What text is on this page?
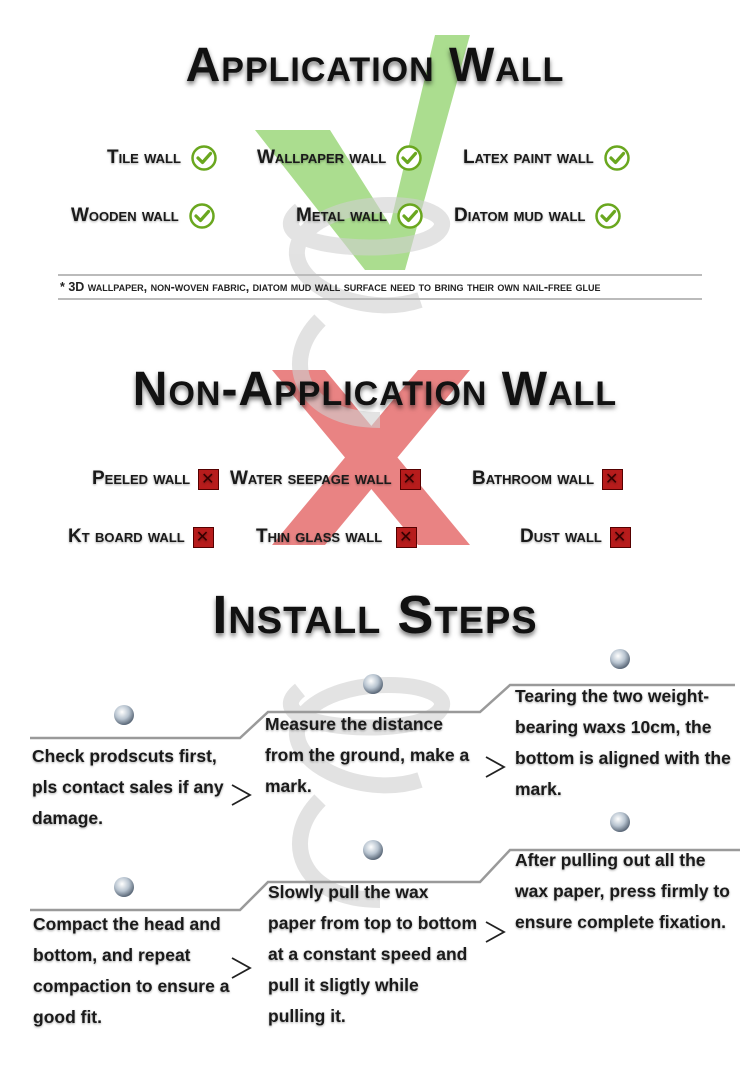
Application Wall
Tile wall	Wallpaper wall	Latex paint wall
Wooden wall	Metal wall	Diatom mud wall
* 3D wallpaper, non-woven fabric, diatom mud wall surface need to bring their own nail-free glue
Non-Application Wall
Peeled wall ✕	Water seepage wall ✕	Bathroom wall✕
Kt board wall ✕	Thin glass wall ✕	Dust wall✕
Install Steps
Check prodscuts first, pls contact sales if any damage.
Measure the distance from the ground, make a mark.
Tearing the two weight-bearing waxs 10cm, the bottom is aligned with the mark.
Compact the head and bottom, and repeat compaction to ensure a good fit.
Slowly pull the wax paper from top to bottom at a constant speed and pull it sligtly while pulling it.
After pulling out all the wax paper, press firmly to ensure complete fixation.
